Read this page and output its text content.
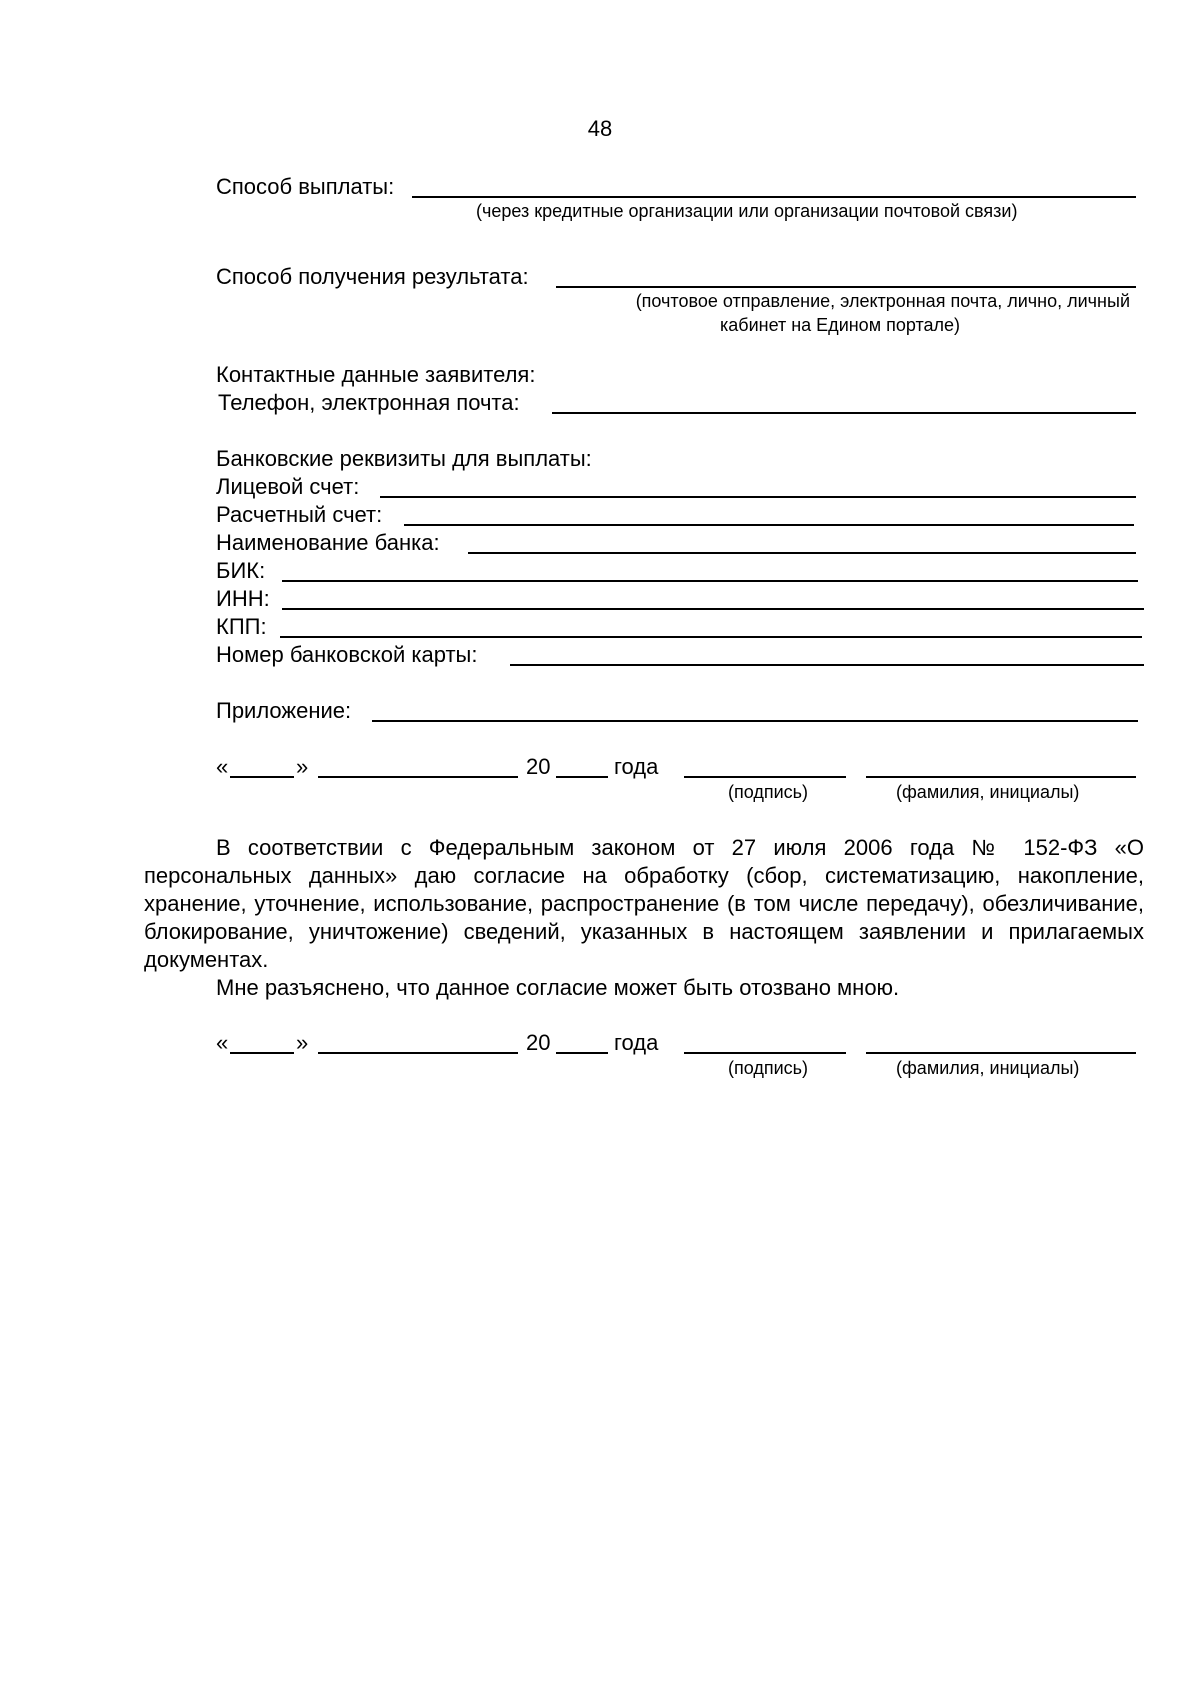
48
Способ выплаты:
(через кредитные организации или организации почтовой связи)
Способ получения результата:
(почтовое отправление, электронная почта, лично, личный
кабинет на Едином портале)
Контактные данные заявителя:
Телефон, электронная почта:
Банковские реквизиты для выплаты:
Лицевой счет:
Расчетный счет:
Наименование банка:
БИК:
ИНН:
КПП:
Номер банковской карты:
Приложение:
«	»	20	года
(подпись)	(фамилия, инициалы)

В соответствии с Федеральным законом от 27 июля 2006 года № 152-ФЗ «О персональных данных» даю согласие на обработку (сбор, систематизацию, накопление, хранение, уточнение, использование, распространение (в том числе передачу), обезличивание, блокирование, уничтожение) сведений, указанных в настоящем заявлении и прилагаемых документах.

Мне разъяснено, что данное согласие может быть отозвано мною.

«	»	20	года
(подпись)	(фамилия, инициалы)
